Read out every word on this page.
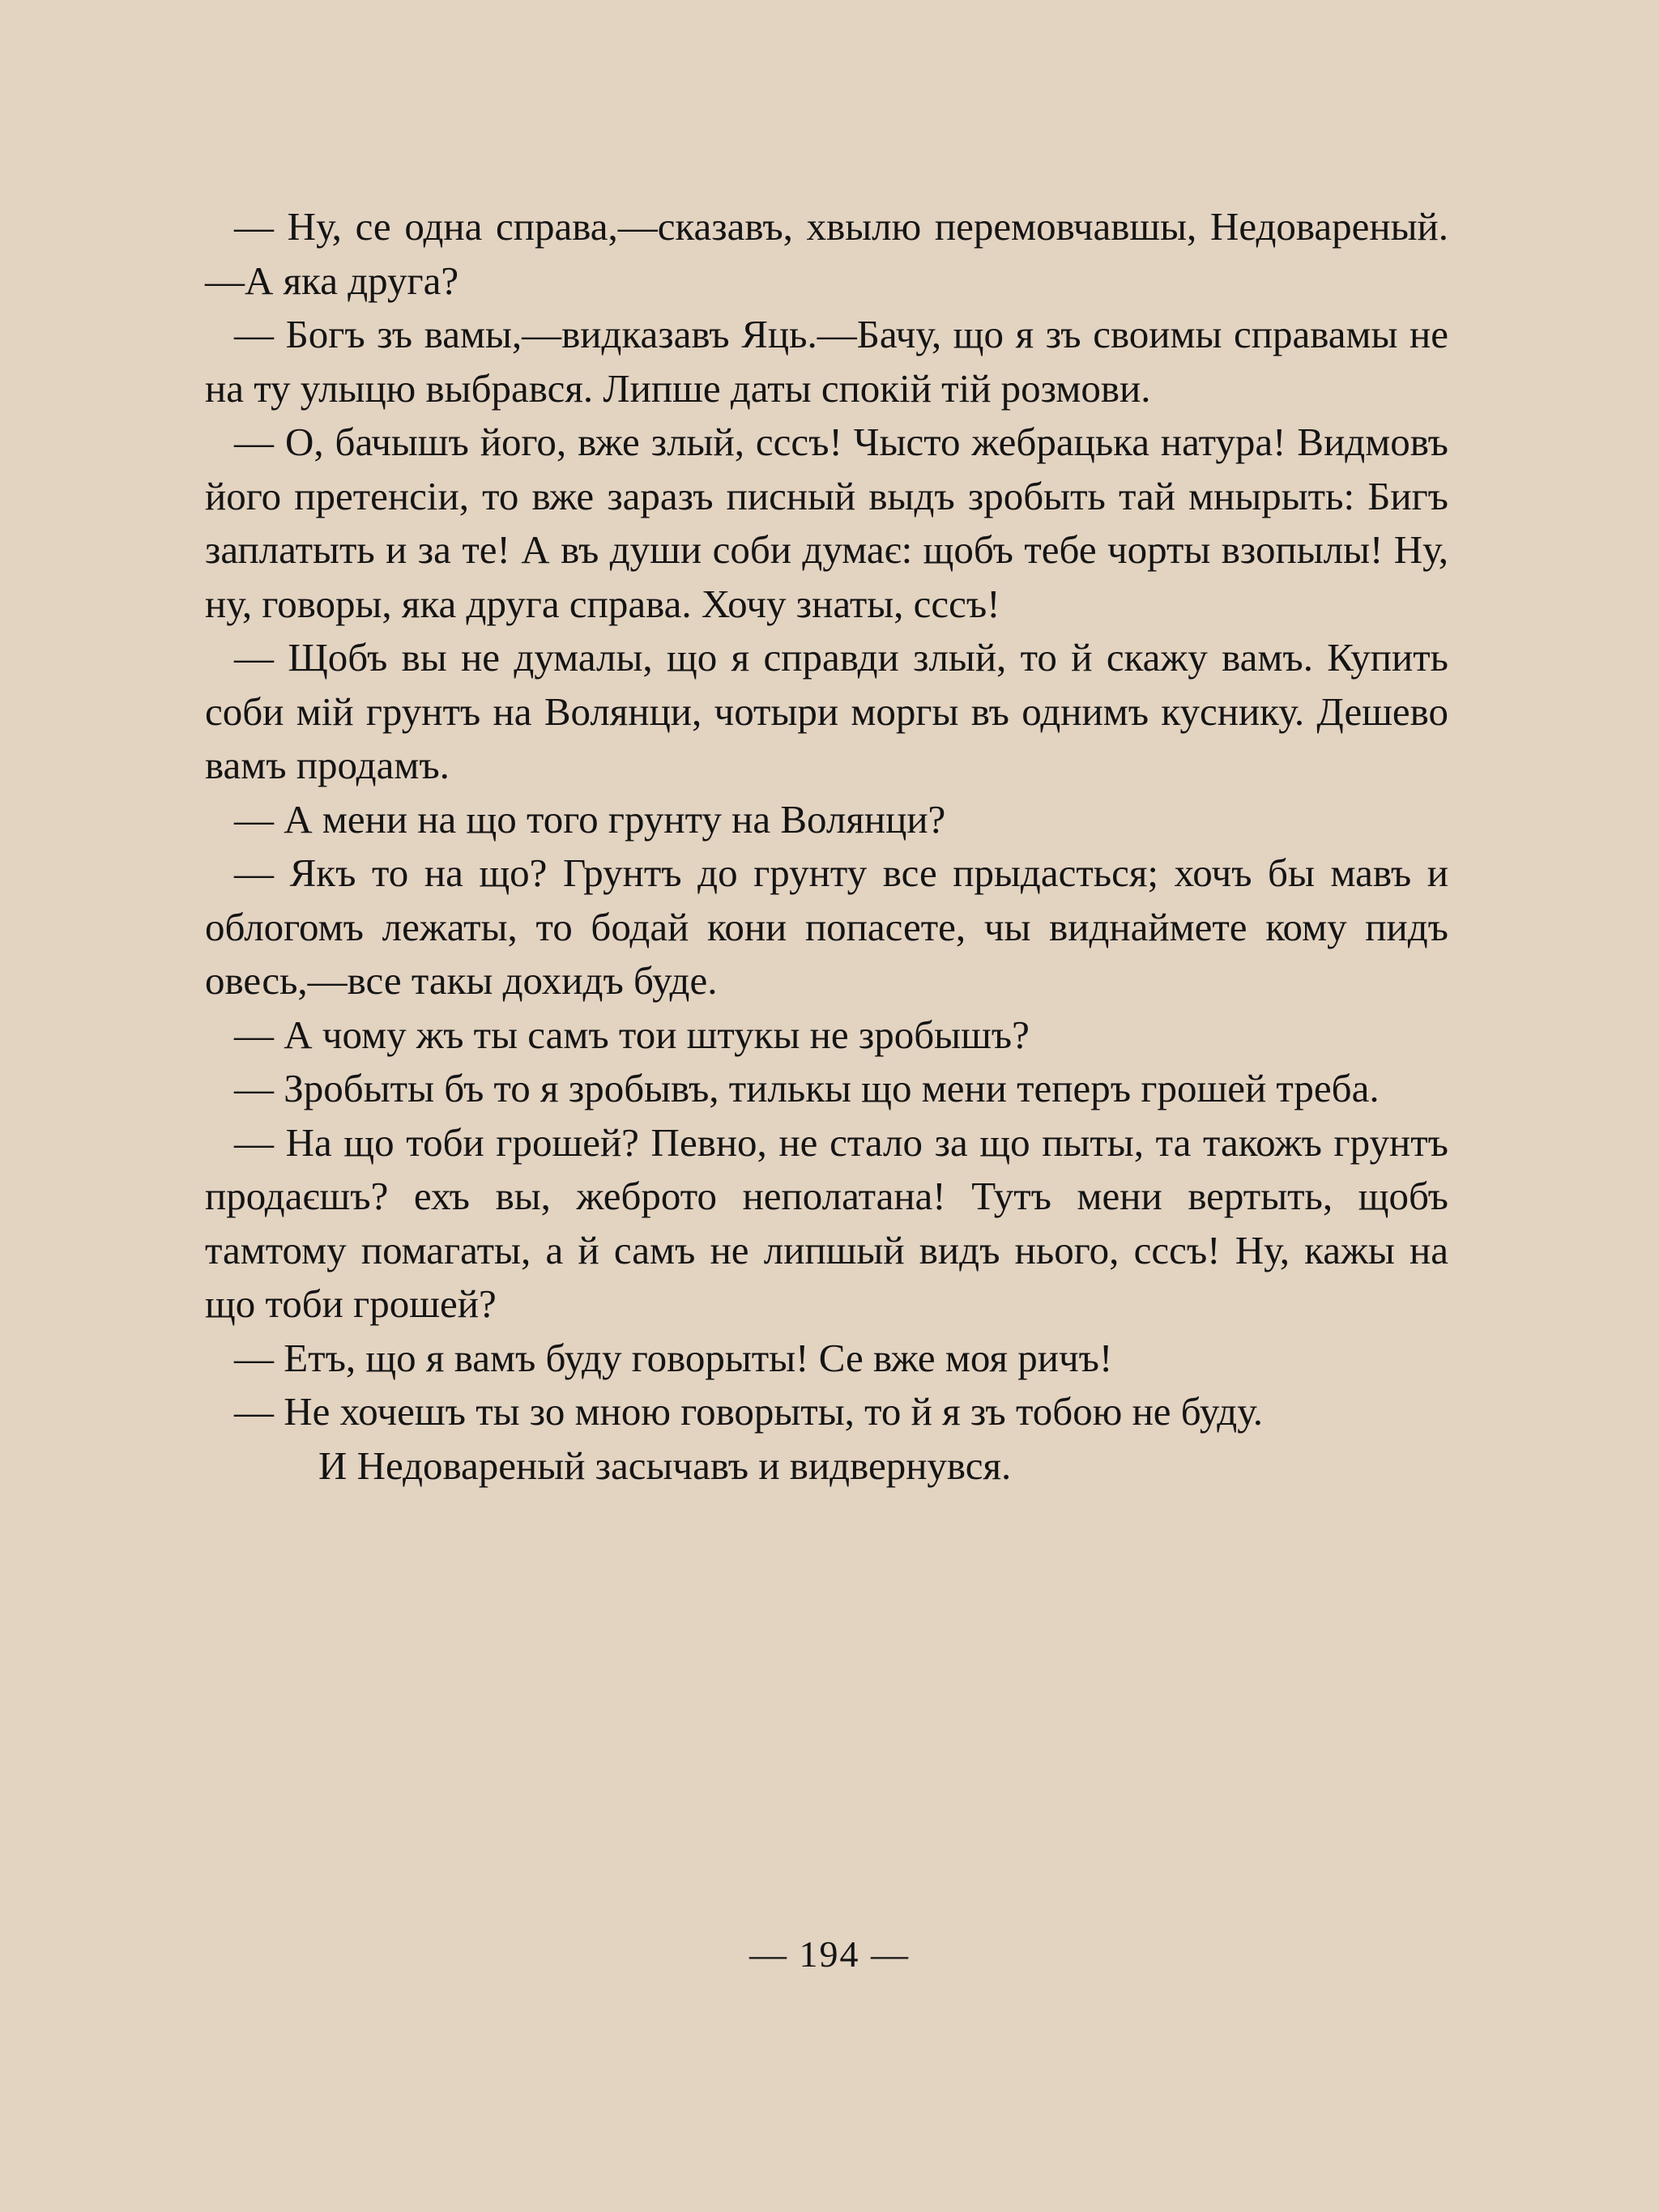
— Ну, се одна справа,—сказавъ, хвылю перемовчавшы, Недовареный.—А яка друга?

— Богъ зъ вамы,—видказавъ Яць.—Бачу, що я зъ своимы справамы не на ту улыцю выбрався. Липше даты спокій тій розмови.

— О, бачышъ його, вже злый, сссъ! Чысто жебрацька натура! Видмовъ його претенсіи, то вже заразъ писный выдъ зробыть тай мнырыть: Бигъ заплатыть и за те! А въ души соби думає: щобъ тебе чорты взопылы! Ну, ну, говоры, яка друга справа. Хочу знаты, сссъ!

— Щобъ вы не думалы, що я справди злый, то й скажу вамъ. Купить соби мій грунтъ на Волянци, чотыри моргы въ однимъ куснику. Дешево вамъ продамъ.

— А мени на що того грунту на Волянци?

— Якъ то на що? Грунтъ до грунту все прыдасться; хочъ бы мавъ и облогомъ лежаты, то бодай кони попасете, чы виднаймете кому пидъ овесь,—все такы дохидъ буде.

— А чому жъ ты самъ тои штукы не зробышъ?

— Зробыты бъ то я зробывъ, тилькы що мени теперъ грошей треба.

— На що тоби грошей? Певно, не стало за що пыты, та такожъ грунтъ продаєшъ? ехъ вы, жеброто неполатана! Тутъ мени вертыть, щобъ тамтому помагаты, а й самъ не липшый видъ нього, сссъ! Ну, кажы на що тоби грошей?

— Етъ, що я вамъ буду говорыты! Се вже моя ричъ!

— Не хочешъ ты зо мною говорыты, то й я зъ тобою не буду.

И Недовареный засычавъ и видвернувся.

— 194 —
